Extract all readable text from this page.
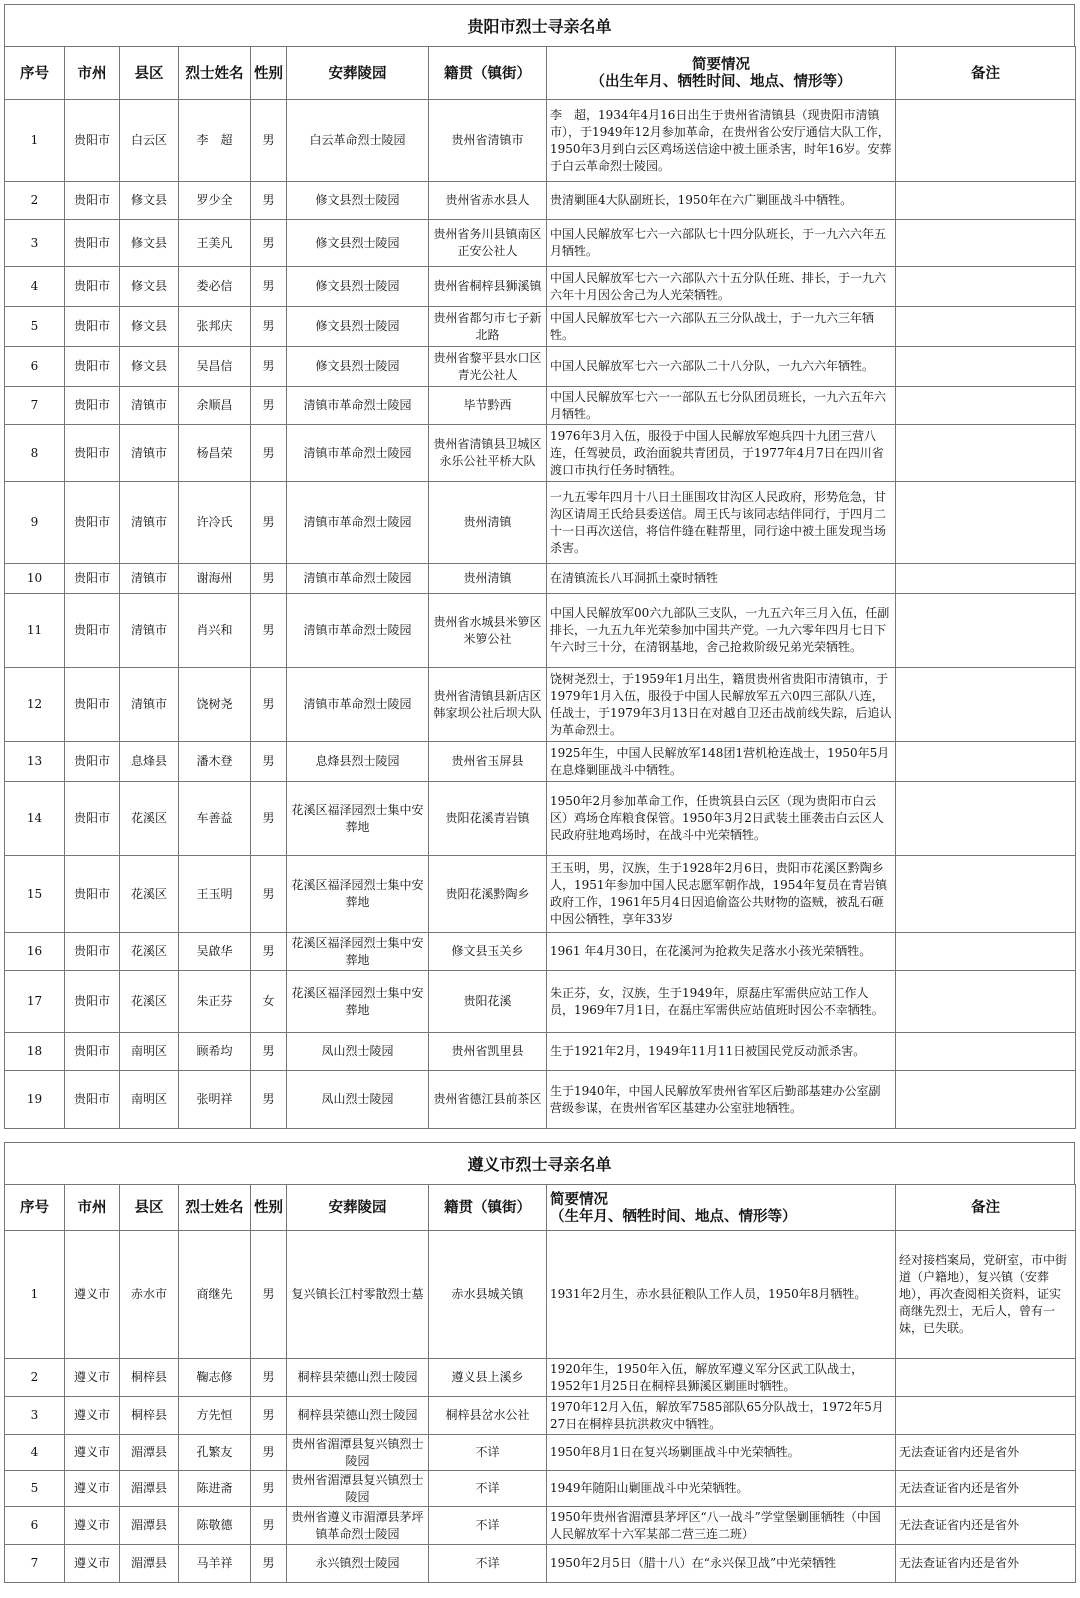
贵阳市烈士寻亲名单
序号	市州	县区	烈士姓名	性别	安葬陵园	籍贯（镇街）	简要情况
（出生年月、牺牲时间、地点、情形等）	备注
1	贵阳市	白云区	李　超	男	白云革命烈士陵园	贵州省清镇市	李　超，1934年4月16日出生于贵州省清镇县（现贵阳市清镇市），于1949年12月参加革命，在贵州省公安厅通信大队工作，1950年3月到白云区鸡场送信途中被土匪杀害，时年16岁。安葬于白云革命烈士陵园。	
2	贵阳市	修文县	罗少全	男	修文县烈士陵园	贵州省赤水县人	贵清剿匪4大队副班长，1950年在六广剿匪战斗中牺牲。	
3	贵阳市	修文县	王美凡	男	修文县烈士陵园	贵州省务川县镇南区正安公社人	中国人民解放军七六一六部队七十四分队班长，于一九六六年五月牺牲。	
4	贵阳市	修文县	娄必信	男	修文县烈士陵园	贵州省桐梓县狮溪镇	中国人民解放军七六一六部队六十五分队任班、排长，于一九六六年十月因公舍己为人光荣牺牲。	
5	贵阳市	修文县	张邦庆	男	修文县烈士陵园	贵州省都匀市七子新北路	中国人民解放军七六一六部队五三分队战士，于一九六三年牺牲。	
6	贵阳市	修文县	吴昌信	男	修文县烈士陵园	贵州省黎平县水口区青光公社人	中国人民解放军七六一六部队二十八分队，一九六六年牺牲。	
7	贵阳市	清镇市	余顺昌	男	清镇市革命烈士陵园	毕节黔西	中国人民解放军七六一一部队五七分队团员班长，一九六五年六月牺牲。	
8	贵阳市	清镇市	杨昌荣	男	清镇市革命烈士陵园	贵州省清镇县卫城区永乐公社平桥大队	1976年3月入伍，服役于中国人民解放军炮兵四十九团三营八连，任驾驶员，政治面貌共青团员，于1977年4月7日在四川省渡口市执行任务时牺牲。	
9	贵阳市	清镇市	许冷氏	男	清镇市革命烈士陵园	贵州清镇	一九五零年四月十八日土匪围攻甘沟区人民政府，形势危急，甘沟区请周王氏给县委送信。周王氏与该同志结伴同行，于四月二十一日再次送信，将信件缝在鞋帮里，同行途中被土匪发现当场杀害。	
10	贵阳市	清镇市	谢海州	男	清镇市革命烈士陵园	贵州清镇	在清镇流长八耳洞抓土豪时牺牲	
11	贵阳市	清镇市	肖兴和	男	清镇市革命烈士陵园	贵州省水城县米箩区米箩公社	中国人民解放军00六九部队三支队，一九五六年三月入伍，任副排长，一九五九年光荣参加中国共产党。一九六零年四月七日下午六时三十分，在清钢基地，舍己抢救阶级兄弟光荣牺牲。	
12	贵阳市	清镇市	饶树尧	男	清镇市革命烈士陵园	贵州省清镇县新店区韩家坝公社后坝大队	饶树尧烈士，于1959年1月出生，籍贯贵州省贵阳市清镇市，于1979年1月入伍，服役于中国人民解放军五六0四三部队八连，任战士，于1979年3月13日在对越自卫还击战前线失踪，后追认为革命烈士。	
13	贵阳市	息烽县	潘木登	男	息烽县烈士陵园	贵州省玉屏县	1925年生，中国人民解放军148团1营机枪连战士，1950年5月在息烽剿匪战斗中牺牲。	
14	贵阳市	花溪区	车善益	男	花溪区福泽园烈士集中安葬地	贵阳花溪青岩镇	1950年2月参加革命工作，任贵筑县白云区（现为贵阳市白云区）鸡场仓库粮食保管。1950年3月2日武装土匪袭击白云区人民政府驻地鸡场时，在战斗中光荣牺牲。	
15	贵阳市	花溪区	王玉明	男	花溪区福泽园烈士集中安葬地	贵阳花溪黔陶乡	王玉明，男，汉族，生于1928年2月6日，贵阳市花溪区黔陶乡人，1951年参加中国人民志愿军朝作战，1954年复员在青岩镇政府工作，1961年5月4日因追偷盗公共财物的盗贼，被乱石砸中因公牺牲，享年33岁	
16	贵阳市	花溪区	吴啟华	男	花溪区福泽园烈士集中安葬地	修文县玉关乡	1961 年4月30日，在花溪河为抢救失足落水小孩光荣牺牲。	
17	贵阳市	花溪区	朱正芬	女	花溪区福泽园烈士集中安葬地	贵阳花溪	朱正芬，女，汉族，生于1949年，原磊庄军需供应站工作人员，1969年7月1日，在磊庄军需供应站值班时因公不幸牺牲。	
18	贵阳市	南明区	顾希均	男	凤山烈士陵园	贵州省凯里县	生于1921年2月，1949年11月11日被国民党反动派杀害。	
19	贵阳市	南明区	张明祥	男	凤山烈士陵园	贵州省德江县前茶区	生于1940年，中国人民解放军贵州省军区后勤部基建办公室副营级参谋，在贵州省军区基建办公室驻地牺牲。	
遵义市烈士寻亲名单
序号	市州	县区	烈士姓名	性别	安葬陵园	籍贯（镇街）	简要情况
（生年月、牺牲时间、地点、情形等）	备注
1	遵义市	赤水市	商继先	男	复兴镇长江村零散烈士墓	赤水县城关镇	1931年2月生，赤水县征粮队工作人员，1950年8月牺牲。	经对接档案局，党研室，市中街道（户籍地），复兴镇（安葬地），再次查阅相关资料，证实商继先烈士，无后人，曾有一妹，已失联。
2	遵义市	桐梓县	鞠志修	男	桐梓县荣德山烈士陵园	遵义县上溪乡	1920年生，1950年入伍，解放军遵义军分区武工队战士，1952年1月25日在桐梓县狮溪区剿匪时牺牲。	
3	遵义市	桐梓县	方先恒	男	桐梓县荣德山烈士陵园	桐梓县岔水公社	1970年12月入伍，解放军7585部队65分队战士，1972年5月27日在桐梓县抗洪救灾中牺牲。	
4	遵义市	湄潭县	孔繁友	男	贵州省湄潭县复兴镇烈士陵园	不详	1950年8月1日在复兴场剿匪战斗中光荣牺牲。	无法查证省内还是省外
5	遵义市	湄潭县	陈进斋	男	贵州省湄潭县复兴镇烈士陵园	不详	1949年随阳山剿匪战斗中光荣牺牲。	无法查证省内还是省外
6	遵义市	湄潭县	陈敬德	男	贵州省遵义市湄潭县茅坪镇革命烈士陵园	不详	1950年贵州省湄潭县茅坪区“八一战斗”学堂堡剿匪牺牲（中国人民解放军十六军某部二营三连二班）	无法查证省内还是省外
7	遵义市	湄潭县	马羊祥	男	永兴镇烈士陵园	不详	1950年2月5日（腊十八）在“永兴保卫战”中光荣牺牲	无法查证省内还是省外
